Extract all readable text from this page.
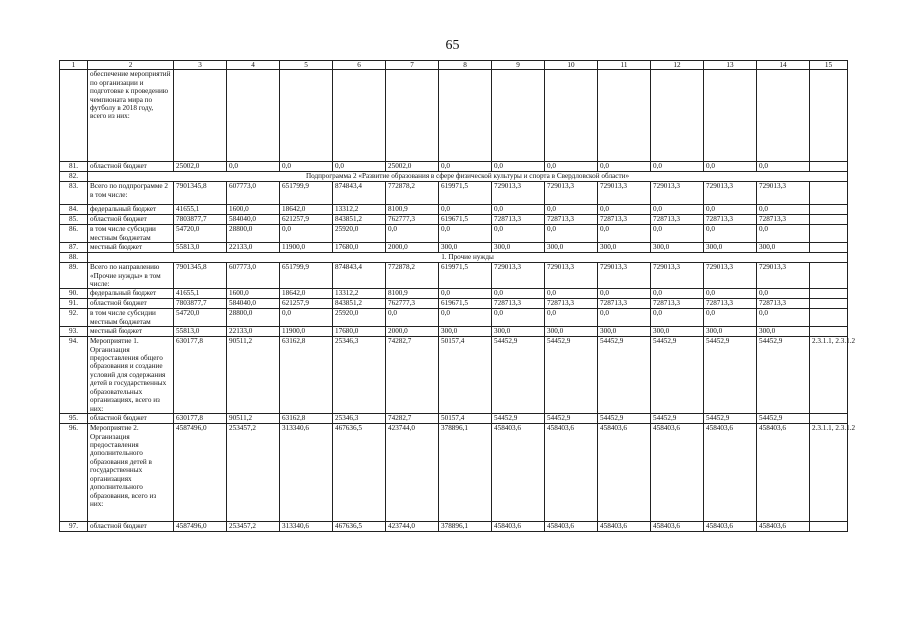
65
1	2	3	4	5	6	7	8	9	10	11	12	13	14	15
	обеспечение мероприятий по организации и подготовке к проведению чемпионата мира по футболу в 2018 году, всего из них:													
81.	областной бюджет	25002,0	0,0	0,0	0,0	25002,0	0,0	0,0	0,0	0,0	0,0	0,0	0,0	
82.	Подпрограмма 2 «Развитие образования в сфере физической культуры и спорта в Свердловской области»													
83.	Всего по подпрограмме 2 в том числе:	7901345,8	607773,0	651799,9	874843,4	772878,2	619971,5	729013,3	729013,3	729013,3	729013,3	729013,3	729013,3	
84.	федеральный бюджет	41655,1	1600,0	18642,0	13312,2	8100,9	0,0	0,0	0,0	0,0	0,0	0,0	0,0	
85.	областной бюджет	7803877,7	584040,0	621257,9	843851,2	762777,3	619671,5	728713,3	728713,3	728713,3	728713,3	728713,3	728713,3	
86.	в том числе субсидии местным бюджетам	54720,0	28800,0	0,0	25920,0	0,0	0,0	0,0	0,0	0,0	0,0	0,0	0,0	
87.	местный бюджет	55813,0	22133,0	11900,0	17680,0	2000,0	300,0	300,0	300,0	300,0	300,0	300,0	300,0	
88.	1. Прочие нужды													
89.	Всего по направлению «Прочие нужды» в том числе:	7901345,8	607773,0	651799,9	874843,4	772878,2	619971,5	729013,3	729013,3	729013,3	729013,3	729013,3	729013,3	
90.	федеральный бюджет	41655,1	1600,0	18642,0	13312,2	8100,9	0,0	0,0	0,0	0,0	0,0	0,0	0,0	
91.	областной бюджет	7803877,7	584040,0	621257,9	843851,2	762777,3	619671,5	728713,3	728713,3	728713,3	728713,3	728713,3	728713,3	
92.	в том числе субсидии местным бюджетам	54720,0	28800,0	0,0	25920,0	0,0	0,0	0,0	0,0	0,0	0,0	0,0	0,0	
93.	местный бюджет	55813,0	22133,0	11900,0	17680,0	2000,0	300,0	300,0	300,0	300,0	300,0	300,0	300,0	
94.	Мероприятие 1. Организация предоставления общего образования и создание условий для содержания детей в государственных образовательных организациях, всего из них:	630177,8	90511,2	63162,8	25346,3	74282,7	50157,4	54452,9	54452,9	54452,9	54452,9	54452,9	54452,9	2.3.1.1, 2.3.1.2
95.	областной бюджет	630177,8	90511,2	63162,8	25346,3	74282,7	50157,4	54452,9	54452,9	54452,9	54452,9	54452,9	54452,9	
96.	Мероприятие 2. Организация предоставления дополнительного образования детей в государственных организациях дополнительного образования, всего из них:	4587496,0	253457,2	313340,6	467636,5	423744,0	378896,1	458403,6	458403,6	458403,6	458403,6	458403,6	458403,6	2.3.1.1, 2.3.1.2
97.	областной бюджет	4587496,0	253457,2	313340,6	467636,5	423744,0	378896,1	458403,6	458403,6	458403,6	458403,6	458403,6	458403,6	
